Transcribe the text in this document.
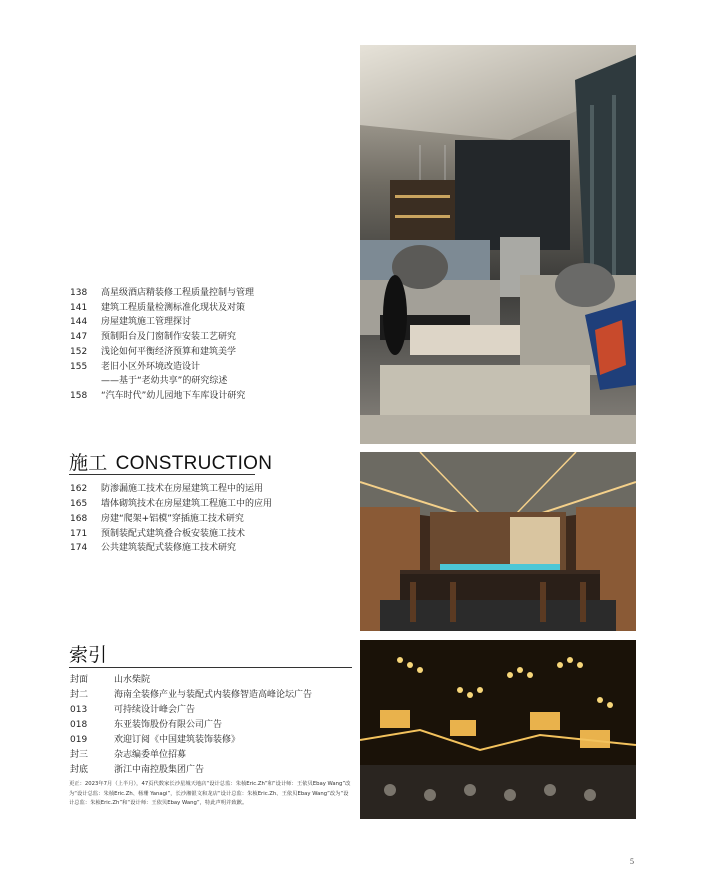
138 高星级酒店精装修工程质量控制与管理
141 建筑工程质量检测标准化现状及对策
144 房屋建筑施工管理探讨
147 预制阳台及门窗制作安装工艺研究
152 浅论如何平衡经济预算和建筑美学
155 老旧小区外环境改造设计
——基于“老幼共享”的研究综述
158 “汽车时代”幼儿园地下车库设计研究
施工 CONSTRUCTION
162 防渗漏施工技术在房屋建筑工程中的运用
165 墙体砌筑技术在房屋建筑工程施工中的应用
168 房建“爬架+铝模”穿插施工技术研究
171 预制装配式建筑叠合板安装施工技术
174 公共建筑装配式装修施工技术研究
索引
封面	山水柴院
封二	海南全装修产业与装配式内装修智造高峰论坛广告
013	可持续设计峰会广告
018	东亚装饰股份有限公司广告
019	欢迎订阅《中国建筑装饰装修》
封三	杂志编委单位招募
封底	浙江中南控股集团广告
更正：2023年7月（上半月），47页代数家长沙星城天地店“设计总监：朱桢Eric.Zh”和“设计师：王依贝Ebay Wang”改为“设计总监：朱桢Eric.Zh、杨珊 Yanagi”，长沙湘银文和龙店“设计总监：朱桢Eric.Zh、王依贝Ebay Wang”改为“设计总监：朱桢Eric.Zh”和“设计师：王依贝Ebay Wang”，特此声明并致歉。
5
